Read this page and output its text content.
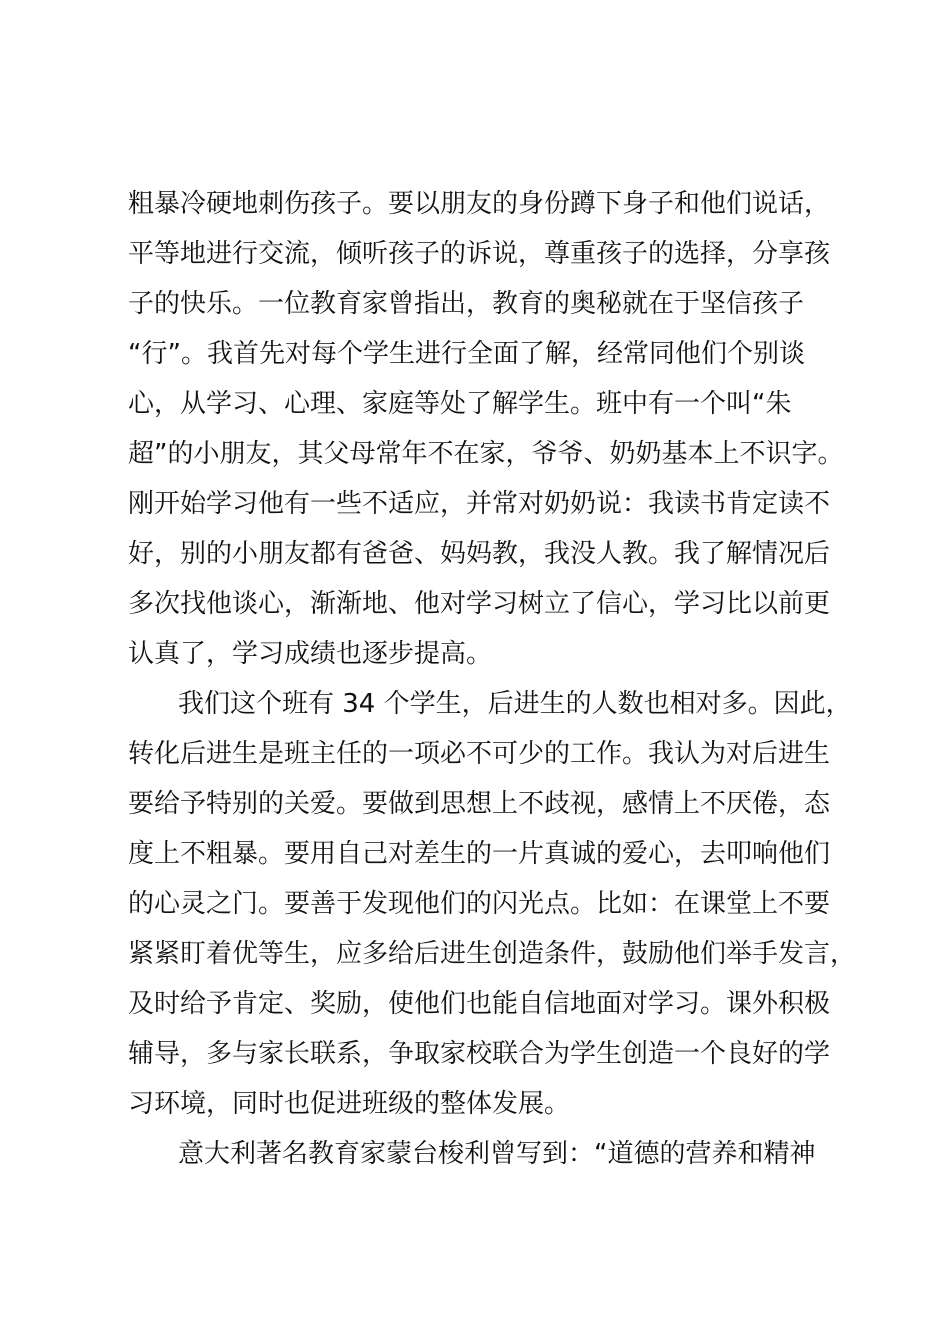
粗暴冷硬地刺伤孩子。要以朋友的身份蹲下身子和他们说话，
平等地进行交流，倾听孩子的诉说，尊重孩子的选择，分享孩
子的快乐。一位教育家曾指出，教育的奥秘就在于坚信孩子
“行”。我首先对每个学生进行全面了解，经常同他们个别谈
心，从学习、心理、家庭等处了解学生。班中有一个叫“朱
超”的小朋友，其父母常年不在家，爷爷、奶奶基本上不识字。
刚开始学习他有一些不适应，并常对奶奶说：我读书肯定读不
好，别的小朋友都有爸爸、妈妈教，我没人教。我了解情况后
多次找他谈心，渐渐地、他对学习树立了信心，学习比以前更
认真了，学习成绩也逐步提高。
我们这个班有 34 个学生，后进生的人数也相对多。因此，
转化后进生是班主任的一项必不可少的工作。我认为对后进生
要给予特别的关爱。要做到思想上不歧视，感情上不厌倦，态
度上不粗暴。要用自己对差生的一片真诚的爱心，去叩响他们
的心灵之门。要善于发现他们的闪光点。比如：在课堂上不要
紧紧盯着优等生，应多给后进生创造条件，鼓励他们举手发言，
及时给予肯定、奖励，使他们也能自信地面对学习。课外积极
辅导，多与家长联系，争取家校联合为学生创造一个良好的学
习环境，同时也促进班级的整体发展。
意大利著名教育家蒙台梭利曾写到：“道德的营养和精神
